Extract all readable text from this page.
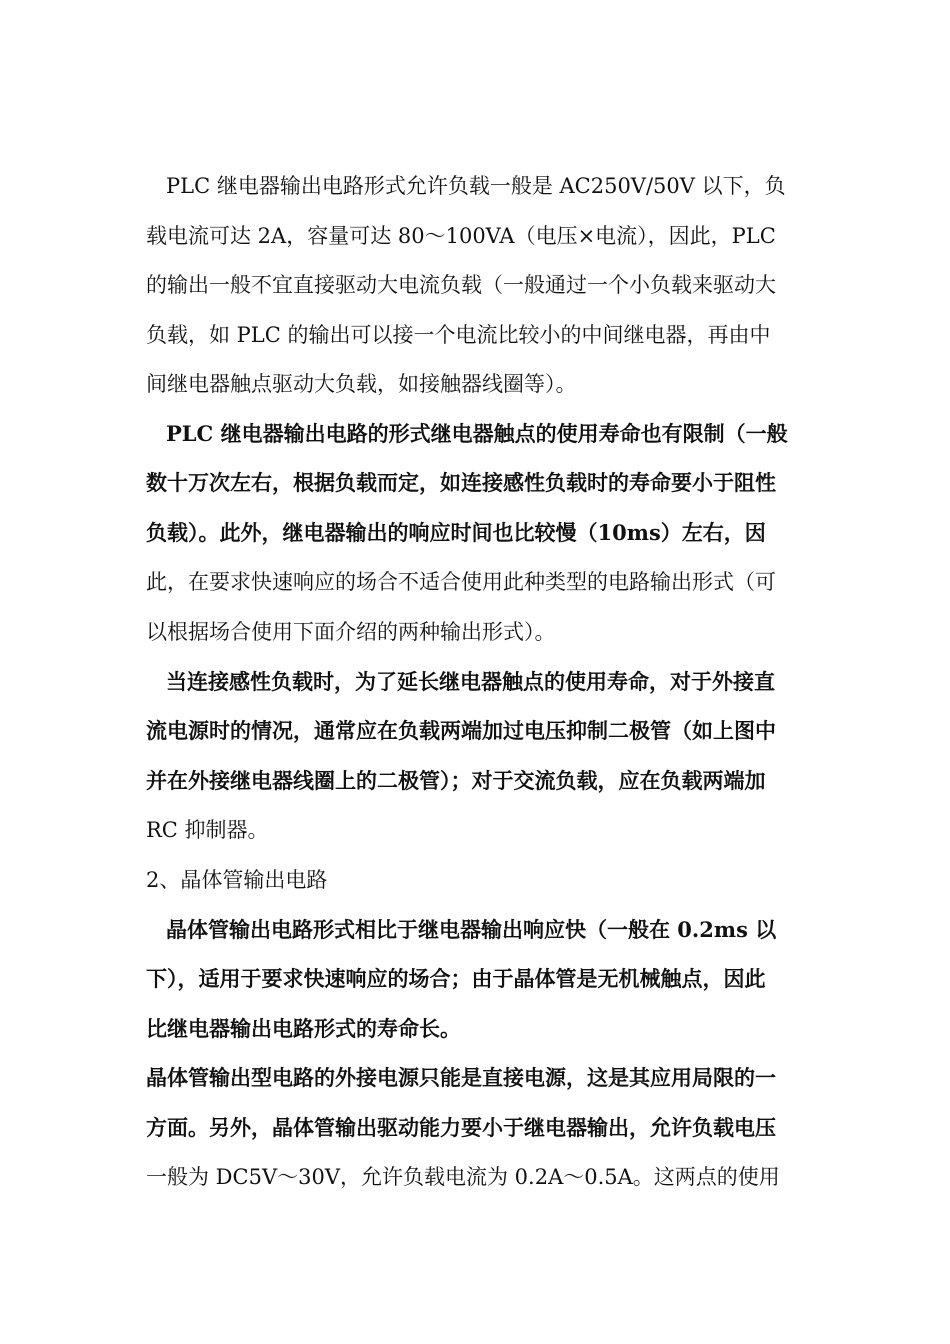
PLC 继电器输出电路形式允许负载一般是 AC250V/50V 以下，负
载电流可达 2A，容量可达 80～100VA（电压×电流），因此，PLC
的输出一般不宜直接驱动大电流负载（一般通过一个小负载来驱动大
负载，如 PLC 的输出可以接一个电流比较小的中间继电器，再由中
间继电器触点驱动大负载，如接触器线圈等）。
PLC 继电器输出电路的形式继电器触点的使用寿命也有限制（一般
数十万次左右，根据负载而定，如连接感性负载时的寿命要小于阻性
负载）。此外，继电器输出的响应时间也比较慢（10ms）左右，因
此，在要求快速响应的场合不适合使用此种类型的电路输出形式（可
以根据场合使用下面介绍的两种输出形式）。
当连接感性负载时，为了延长继电器触点的使用寿命，对于外接直
流电源时的情况，通常应在负载两端加过电压抑制二极管（如上图中
并在外接继电器线圈上的二极管）；对于交流负载，应在负载两端加
RC 抑制器。
2、晶体管输出电路
晶体管输出电路形式相比于继电器输出响应快（一般在 0.2ms 以
下），适用于要求快速响应的场合；由于晶体管是无机械触点，因此
比继电器输出电路形式的寿命长。
晶体管输出型电路的外接电源只能是直接电源，这是其应用局限的一
方面。另外，晶体管输出驱动能力要小于继电器输出，允许负载电压
一般为 DC5V～30V，允许负载电流为 0.2A～0.5A。这两点的使用
